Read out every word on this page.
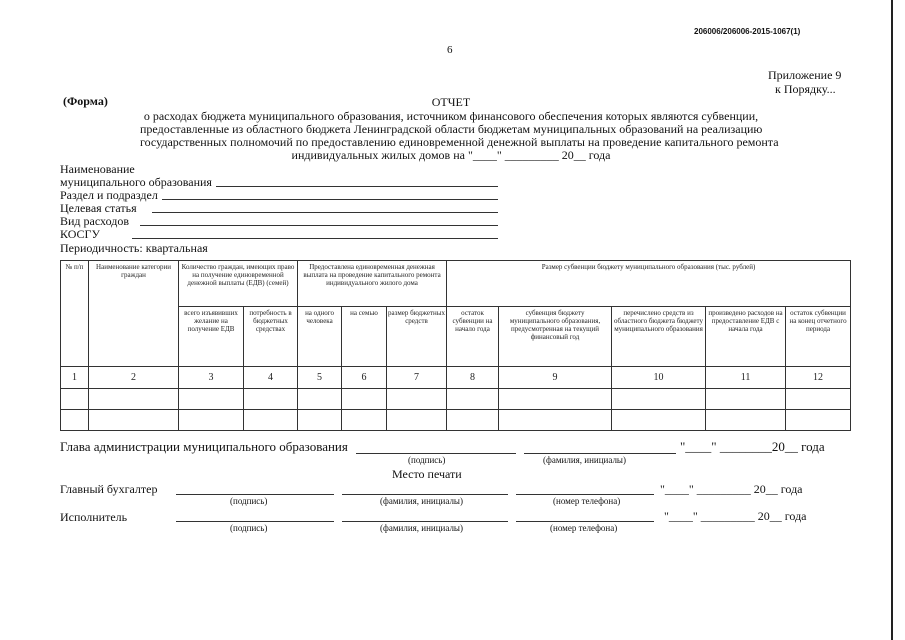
206006/206006-2015-1067(1)
6
Приложение 9
к Порядку...
(Форма)	ОТЧЕТ
о расходах бюджета муниципального образования, источником финансового обеспечения которых являются субвенции,
предоставленные из областного бюджета Ленинградской области бюджетам муниципальных образований на реализацию
государственных полномочий по предоставлению единовременной денежной выплаты на проведение капитального ремонта
индивидуальных жилых домов на "____" _________ 20__ года
Наименование
муниципального образования
Раздел и подраздел
Целевая статья
Вид расходов
КОСГУ
Периодичность: квартальная
№ п/п	Наименование категории граждан	Количество граждан, имеющих право на получение единовременной денежной выплаты (ЕДВ) (семей)		Предоставлена единовременная денежная выплата на проведение капитального ремонта индивидуального жилого дома			Размер субвенции бюджету муниципального образования (тыс. рублей)				
		всего изъявивших желание на получение ЕДВ	потребность в бюджетных средствах	на одного человека	на семью	размер бюджетных средств	остаток субвенции на начало года	субвенция бюджету муниципального образования, предусмотренная на текущий финансовый год	перечислено средств из областного бюджета бюджету муниципального образования	произведено расходов на предоставление ЕДВ с начала года	остаток субвенции на конец отчетного периода
1	2	3	4	5	6	7	8	9	10	11	12

Глава администрации муниципального образования	"____" ________20__ года
(подпись)	(фамилия, инициалы)
Место печати
Главный бухгалтер	"____" _________ 20__ года
(подпись)	(фамилия, инициалы)	(номер телефона)
Исполнитель	"____" _________ 20__ года
(подпись)	(фамилия, инициалы)	(номер телефона)
